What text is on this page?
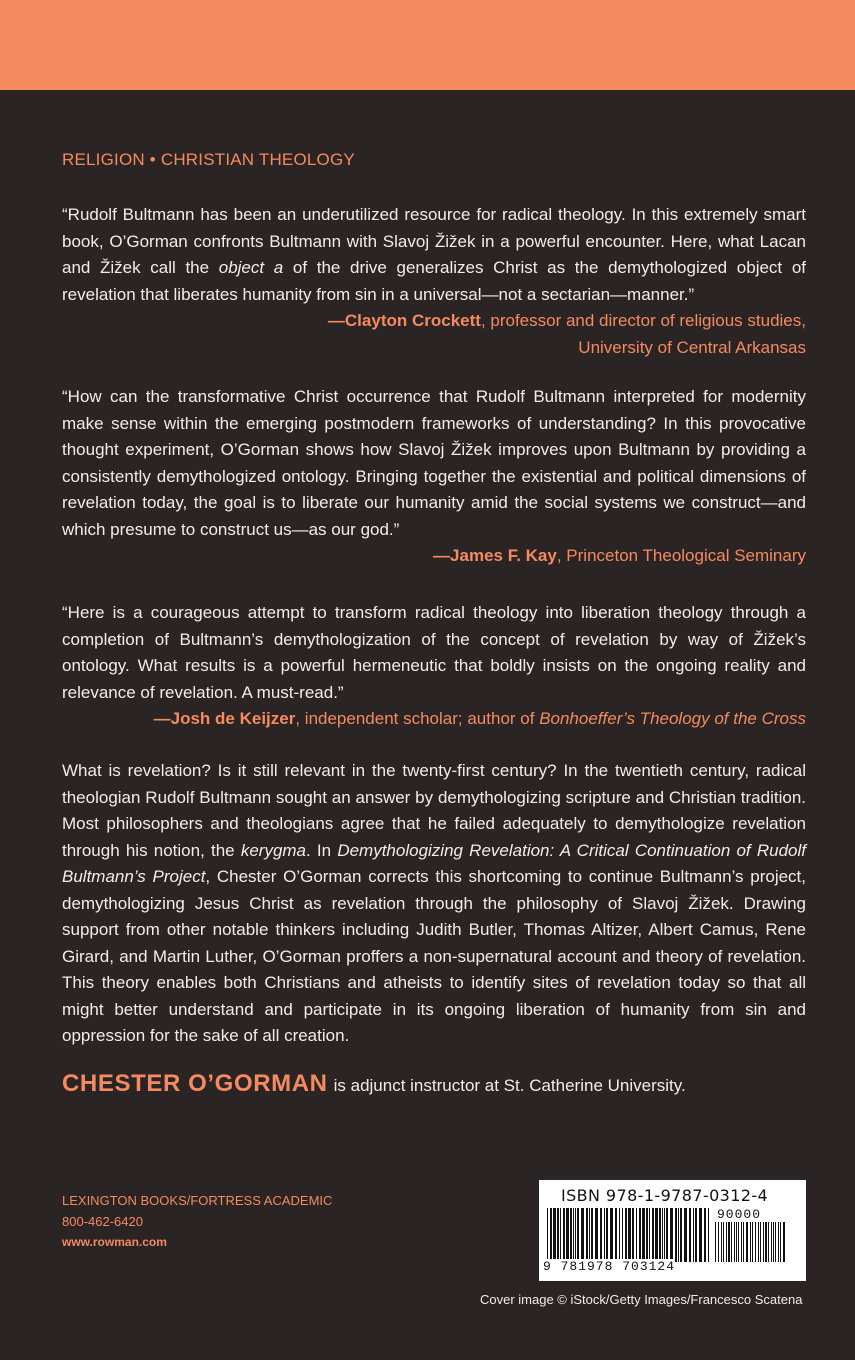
RELIGION • CHRISTIAN THEOLOGY

“Rudolf Bultmann has been an underutilized resource for radical theology. In this extremely smart book, O’Gorman confronts Bultmann with Slavoj Žižek in a powerful encounter. Here, what Lacan and Žižek call the object a of the drive generalizes Christ as the demythologized object of revelation that liberates humanity from sin in a universal—not a sectarian—manner.”

—Clayton Crockett, professor and director of religious studies,
University of Central Arkansas

“How can the transformative Christ occurrence that Rudolf Bultmann interpreted for modernity make sense within the emerging postmodern frameworks of understanding? In this provocative thought experiment, O’Gorman shows how Slavoj Žižek improves upon Bultmann by providing a consistently demythologized ontology. Bringing together the existential and political dimensions of revelation today, the goal is to liberate our humanity amid the social systems we construct—and which presume to construct us—as our god.”

—James F. Kay, Princeton Theological Seminary

“Here is a courageous attempt to transform radical theology into liberation theology through a completion of Bultmann’s demythologization of the concept of revelation by way of Žižek’s ontology. What results is a powerful hermeneutic that boldly insists on the ongoing reality and relevance of revelation. A must-read.”

—Josh de Keijzer, independent scholar; author of Bonhoeffer’s Theology of the Cross

What is revelation? Is it still relevant in the twenty-first century? In the twentieth century, radical theologian Rudolf Bultmann sought an answer by demythologizing scripture and Christian tradition. Most philosophers and theologians agree that he failed adequately to demythologize revelation through his notion, the kerygma. In Demythologizing Revelation: A Critical Continuation of Rudolf Bultmann’s Project, Chester O’Gorman corrects this shortcoming to continue Bultmann’s project, demythologizing Jesus Christ as revelation through the philosophy of Slavoj Žižek. Drawing support from other notable thinkers including Judith Butler, Thomas Altizer, Albert Camus, Rene Girard, and Martin Luther, O’Gorman proffers a non-supernatural account and theory of revelation. This theory enables both Christians and atheists to identify sites of revelation today so that all might better understand and participate in its ongoing liberation of humanity from sin and oppression for the sake of all creation.

CHESTER O’GORMAN is adjunct instructor at St. Catherine University.
LEXINGTON BOOKS/FORTRESS ACADEMIC
800-462-6420
www.rowman.com
ISBN 978-1-9787-0312-4
90000
9 781978 703124
Cover image © iStock/Getty Images/Francesco Scatena
